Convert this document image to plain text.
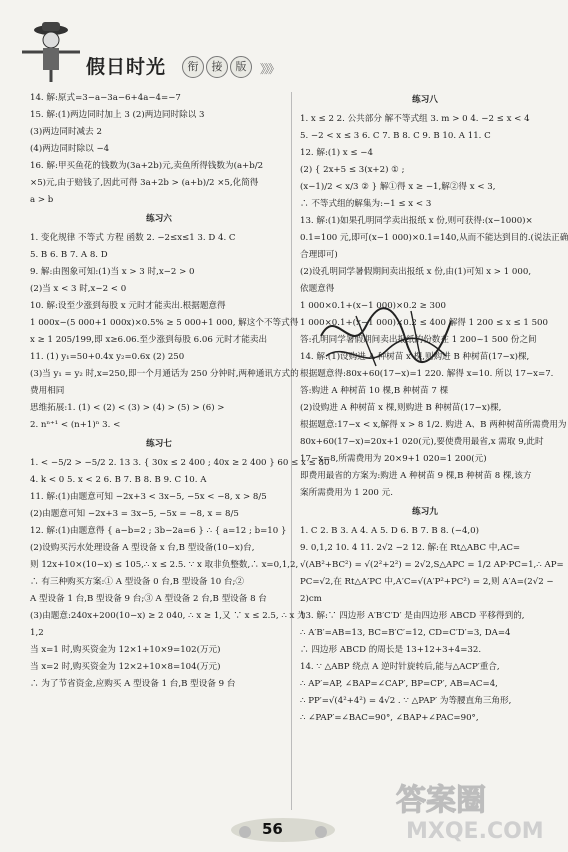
假日时光	衔	接	版	》》》
14. 解:原式=3−a−3a−6+4a−4=−7
15. 解:(1)两边同时加上 3 (2)两边同时除以 3
(3)两边同时减去 2
(4)两边同时除以 −4
16. 解:甲买鱼花的钱数为(3a+2b)元,卖鱼所得钱数为(a+b/2
×5)元,由于赔钱了,因此可得 3a+2b > (a+b)/2 ×5,化简得
a > b
练习六
1. 变化规律 不等式 方程 函数 2. −2≤x≤1 3. D 4. C
5. B 6. B 7. A 8. D
9. 解:由图象可知:(1)当 x > 3 时,x−2 > 0
(2)当 x < 3 时,x−2 < 0
10. 解:设至少涨到每股 x 元时才能卖出.根据题意得
1 000x−(5 000+1 000x)×0.5% ≥ 5 000+1 000, 解这个不等式得
x ≥ 1 205/199,即 x≥6.06.至少涨到每股 6.06 元时才能卖出
11. (1) y₁=50+0.4x y₂=0.6x (2) 250
(3)当 y₁ = y₂ 时,x=250,即一个月通话为 250 分钟时,两种通讯方式的
费用相同
思维拓展:1. (1) < (2) < (3) > (4) > (5) > (6) >
2. nⁿ⁺¹ < (n+1)ⁿ 3. <
练习七
1. < −5/2 > −5/2 2. 13 3. { 30x ≤ 2 400 ; 40x ≥ 2 400 } 60 ≤ x ≤ 80
4. k < 0 5. x < 2 6. B 7. B 8. B 9. C 10. A
11. 解:(1)由题意可知 −2x+3 < 3x−5, −5x < −8, x > 8/5
(2)由题意可知 −2x+3 = 3x−5, −5x = −8, x = 8/5
12. 解:(1)由题意得 { a−b=2 ; 3b−2a=6 } ∴ { a=12 ; b=10 }
(2)设购买污水处理设备 A 型设备 x 台,B 型设备(10−x)台,
则 12x+10×(10−x) ≤ 105,∴ x ≤ 2.5. ∵ x 取非负整数,∴ x=0,1,2,
∴ 有三种购买方案:① A 型设备 0 台,B 型设备 10 台;②
A 型设备 1 台,B 型设备 9 台;③ A 型设备 2 台,B 型设备 8 台
(3)由题意:240x+200(10−x) ≥ 2 040, ∴ x ≥ 1,又 ∵ x ≤ 2.5, ∴ x 为
1,2
当 x=1 时,购买资金为 12×1+10×9=102(万元)
当 x=2 时,购买资金为 12×2+10×8=104(万元)
∴ 为了节省资金,应购买 A 型设备 1 台,B 型设备 9 台
练习八
1. x ≤ 2 2. 公共部分 解不等式组 3. m > 0 4. −2 ≤ x < 4
5. −2 < x ≤ 3 6. C 7. B 8. C 9. B 10. A 11. C
12. 解:(1) x ≤ −4
(2) { 2x+5 ≤ 3(x+2) ① ;
(x−1)/2 < x/3 ② } 解①得 x ≥ −1,解②得 x < 3,
∴ 不等式组的解集为:−1 ≤ x < 3
13. 解:(1)如果孔明同学卖出报纸 x 份,则可获得:(x−1000)×
0.1=100 元,即可(x−1 000)×0.1=140,从而不能达到目的.(说法正确
合理即可)
(2)设孔明同学暑假期间卖出报纸 x 份,由(1)可知 x > 1 000,
依题意得
1 000×0.1+(x−1 000)×0.2 ≥ 300
1 000×0.1+(x−1 000)×0.2 ≤ 400 解得 1 200 ≤ x ≤ 1 500
答:孔明同学暑假期间卖出报纸的份数在 1 200~1 500 份之间
14. 解:(1)设购进 A 种树苗 x 棵,则购进 B 种树苗(17−x)棵,
根据题意得:80x+60(17−x)=1 220. 解得 x=10. 所以 17−x=7.
答:购进 A 种树苗 10 棵,B 种树苗 7 棵
(2)设购进 A 种树苗 x 棵,则购进 B 种树苗(17−x)棵,
根据题意:17−x < x,解得 x > 8 1/2. 购进 A、B 两种树苗所需费用为
80x+60(17−x)=20x+1 020(元),要使费用最省,x 需取 9,此时
17−x=8,所需费用为 20×9+1 020=1 200(元)
即费用最省的方案为:购进 A 种树苗 9 棵,B 种树苗 8 棵,该方
案所需费用为 1 200 元.
练习九
1. C 2. B 3. A 4. A 5. D 6. B 7. B 8. (−4,0)
9. 0,1,2 10. 4 11. 2√2 −2 12. 解:在 Rt△ABC 中,AC=
√(AB²+BC²) = √(2²+2²) = 2√2,S△APC = 1/2 AP·PC=1,∴ AP=
PC=√2,在 Rt△A′PC 中,A′C=√(A′P²+PC²) = 2,则 A′A=(2√2 −
2)cm
13. 解:∵ 四边形 A′B′C′D′ 是由四边形 ABCD 平移得到的,
∴ A′B′=AB=13, BC=B′C′=12, CD=C′D′=3, DA=4
∴ 四边形 ABCD 的周长是 13+12+3+4=32.
14. ∵ △ABP 绕点 A 逆时针旋转后,能与△ACP′重合,
∴ AP′=AP, ∠BAP=∠CAP′, BP=CP′, AB=AC=4,
∴ PP′=√(4²+4²) = 4√2 . ∵ △PAP′ 为等腰直角三角形,
∴ ∠PAP′=∠BAC=90°, ∠BAP+∠PAC=90°,
56
答案圈
MXQE.COM
